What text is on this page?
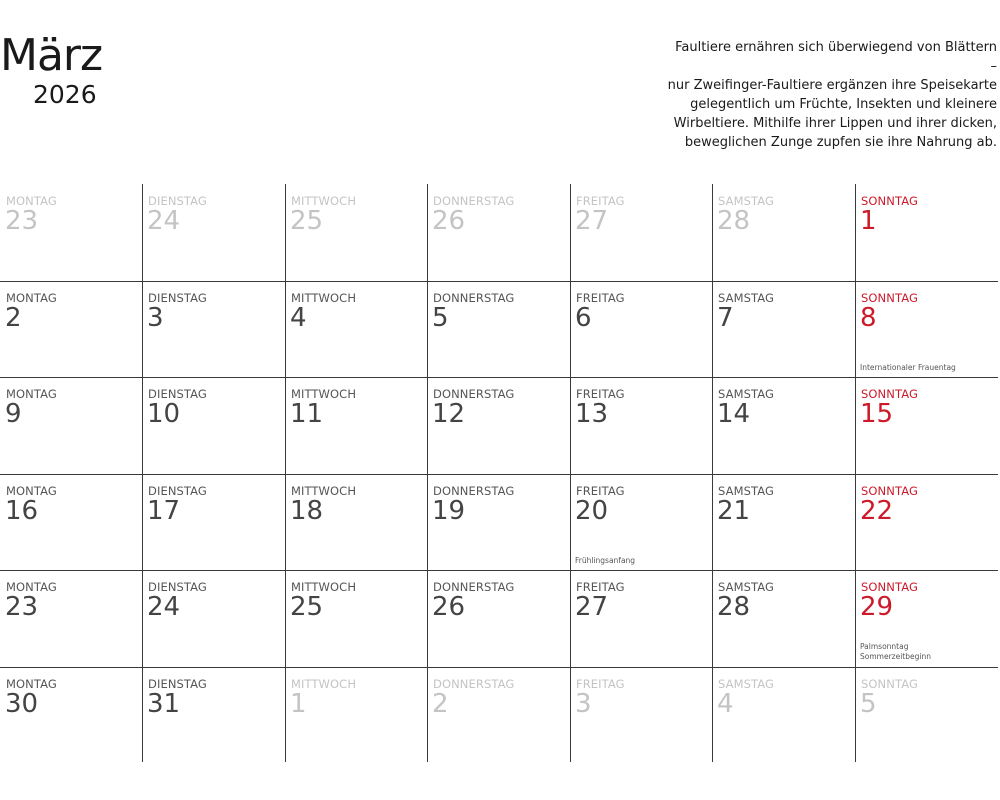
März
2026
Faultiere ernähren sich überwiegend von Blättern –
nur Zweifinger-Faultiere ergänzen ihre Speisekarte
gelegentlich um Früchte, Insekten und kleinere
Wirbeltiere. Mithilfe ihrer Lippen und ihrer dicken,
beweglichen Zunge zupfen sie ihre Nahrung ab.
MONTAG
23
DIENSTAG
24
MITTWOCH
25
DONNERSTAG
26
FREITAG
27
SAMSTAG
28
SONNTAG
1
MONTAG
2
DIENSTAG
3
MITTWOCH
4
DONNERSTAG
5
FREITAG
6
SAMSTAG
7
SONNTAG
8
Internationaler Frauentag
MONTAG
9
DIENSTAG
10
MITTWOCH
11
DONNERSTAG
12
FREITAG
13
SAMSTAG
14
SONNTAG
15
MONTAG
16
DIENSTAG
17
MITTWOCH
18
DONNERSTAG
19
FREITAG
20
Frühlingsanfang
SAMSTAG
21
SONNTAG
22
MONTAG
23
DIENSTAG
24
MITTWOCH
25
DONNERSTAG
26
FREITAG
27
SAMSTAG
28
SONNTAG
29
Palmsonntag
Sommerzeitbeginn
MONTAG
30
DIENSTAG
31
MITTWOCH
1
DONNERSTAG
2
FREITAG
3
SAMSTAG
4
SONNTAG
5
